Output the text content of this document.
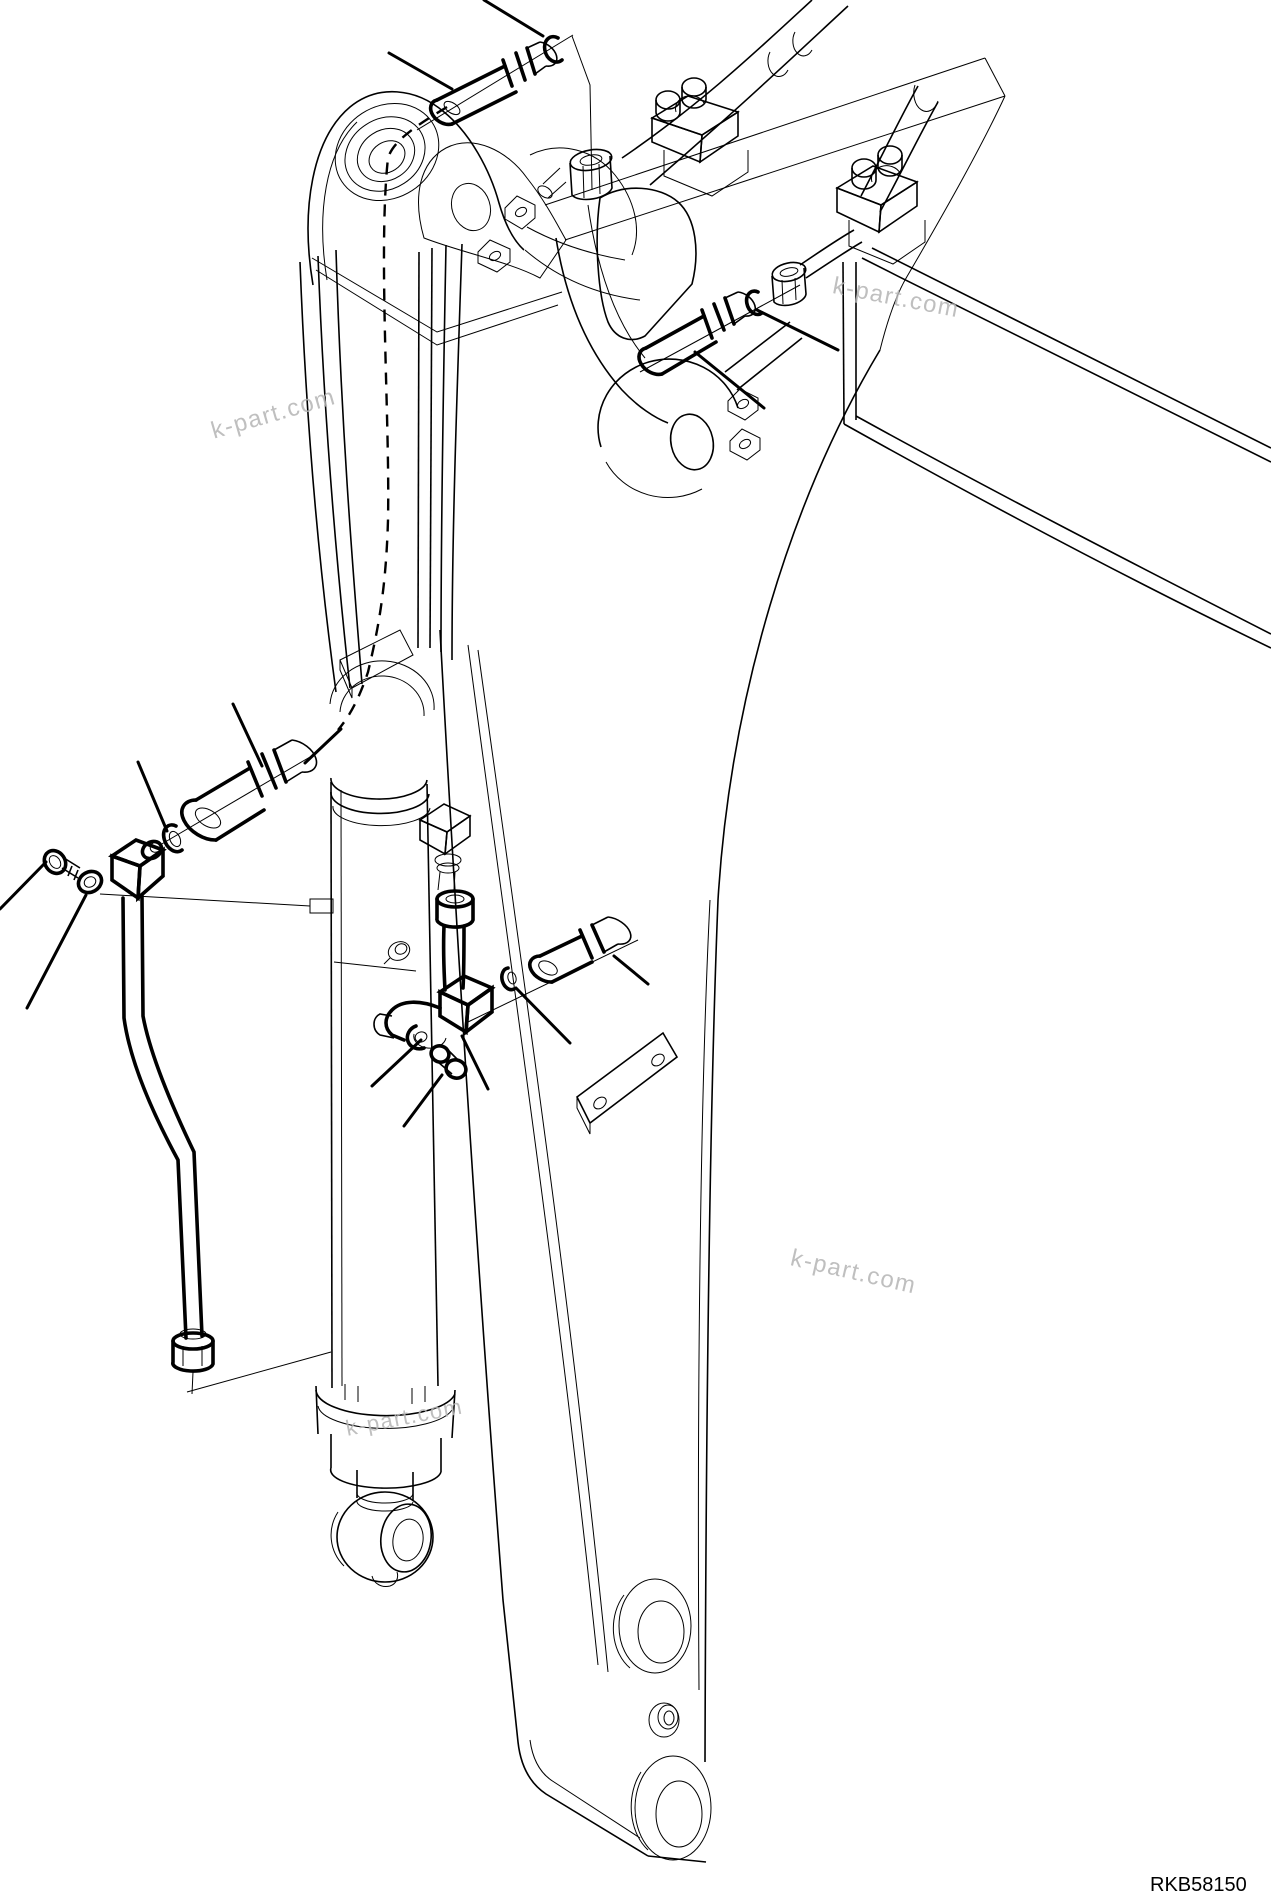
k-part.com
k-part.com
k-part.com
k-part.com
RKB58150
